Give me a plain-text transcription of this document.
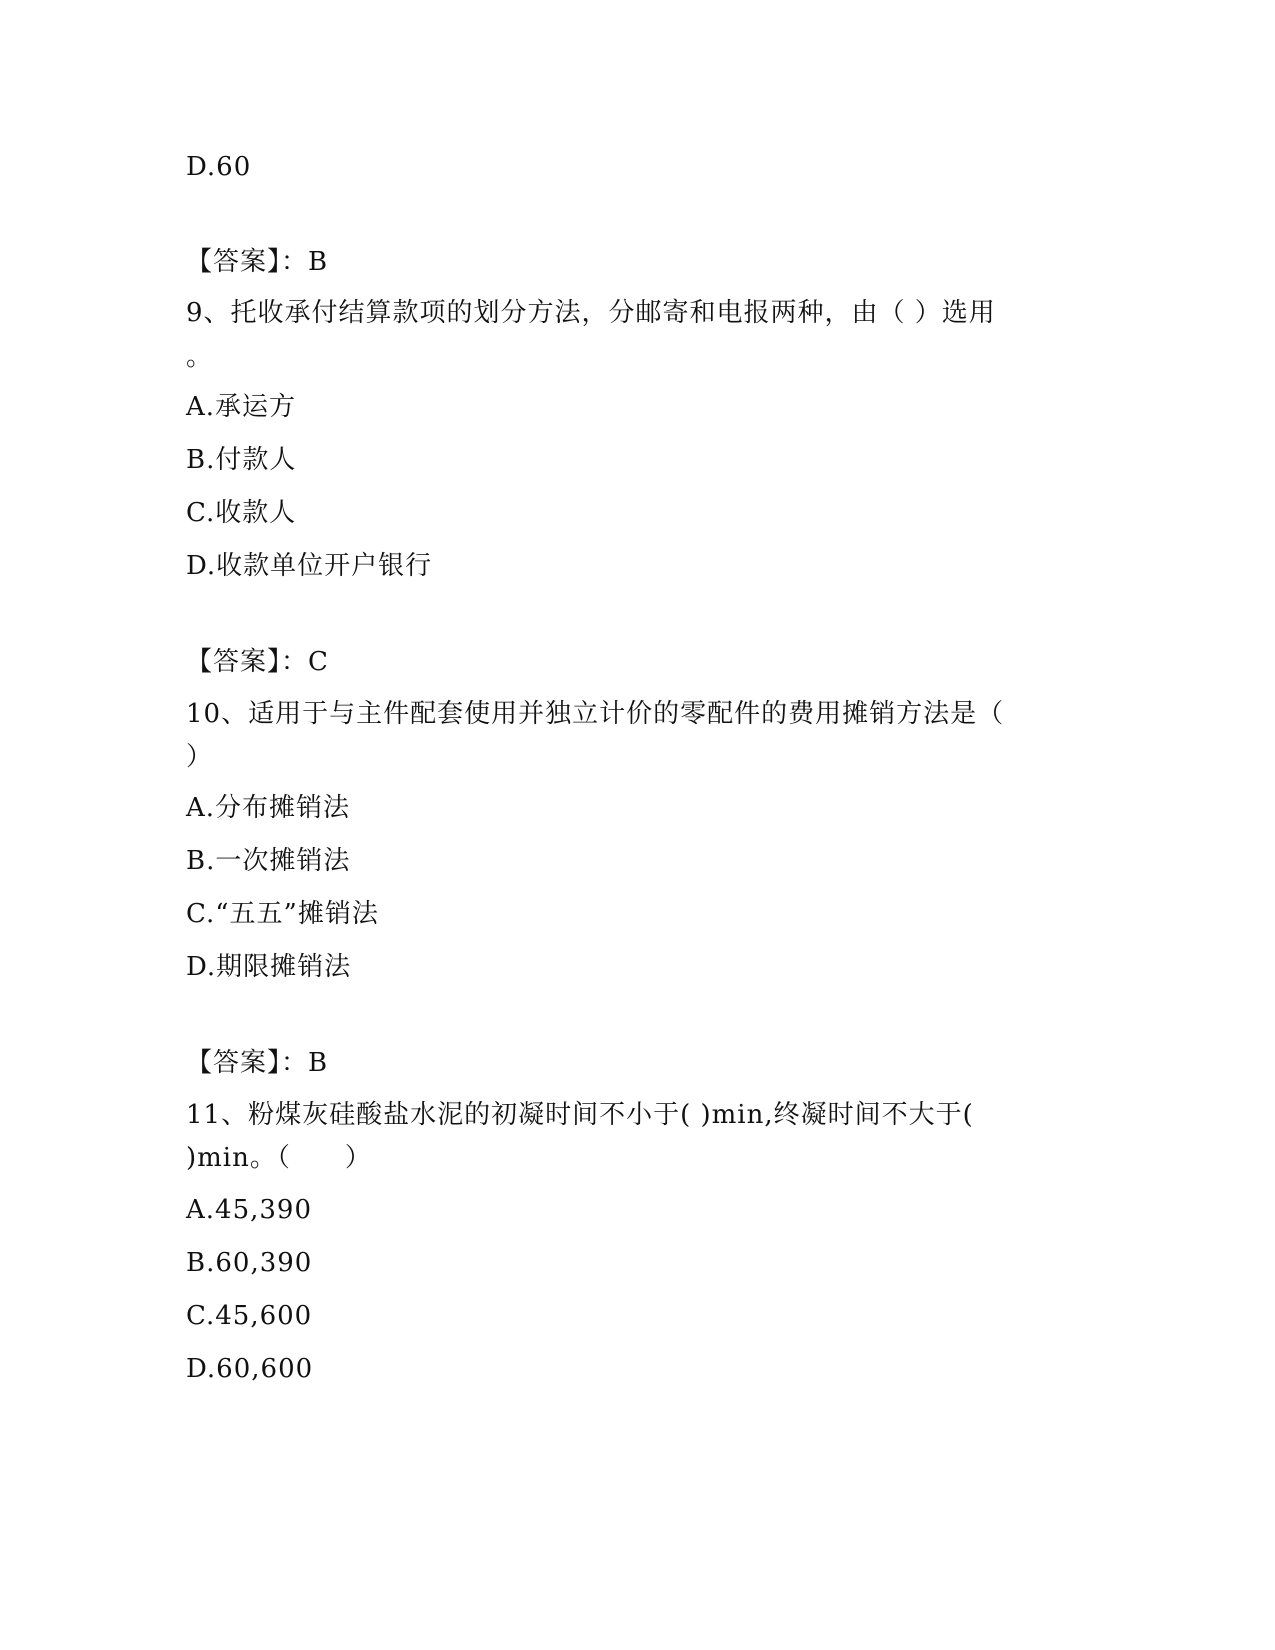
D.60
【答案】：B
9、托收承付结算款项的划分方法，分邮寄和电报两种，由（ ）选用
。
A.承运方
B.付款人
C.收款人
D.收款单位开户银行
【答案】：C
10、适用于与主件配套使用并独立计价的零配件的费用摊销方法是（
）
A.分布摊销法
B.一次摊销法
C.“五五”摊销法
D.期限摊销法
【答案】：B
11、粉煤灰硅酸盐水泥的初凝时间不小于( )min,终凝时间不大于(
)min。（　　）
A.45,390
B.60,390
C.45,600
D.60,600
